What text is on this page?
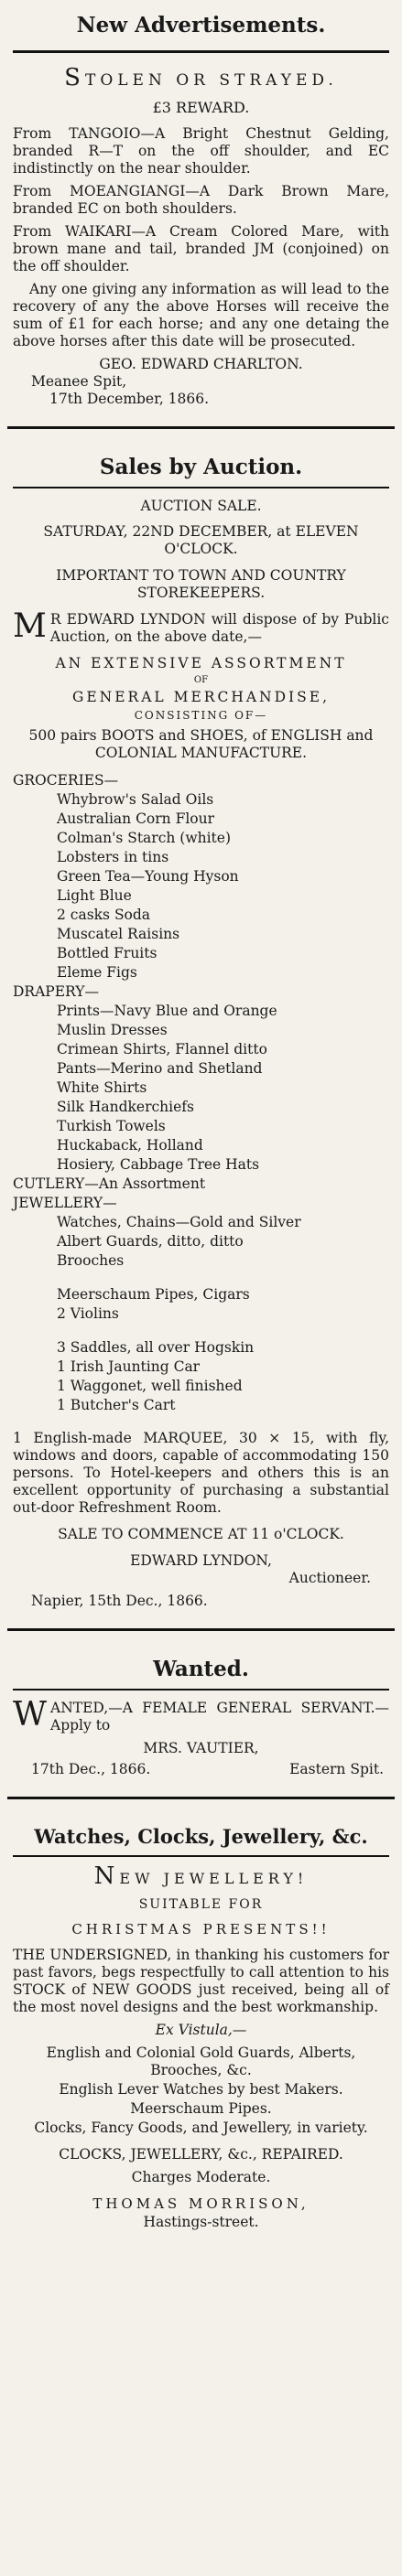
New Advertisements.
STOLEN OR STRAYED.
£3 REWARD.
From TANGOIO—A Bright Chestnut Gelding, branded R—T on the off shoulder, and EC indistinctly on the near shoulder.
From MOEANGIANGI—A Dark Brown Mare, branded EC on both shoulders.
From WAIKARI—A Cream Colored Mare, with brown mane and tail, branded JM (conjoined) on the off shoulder.
Any one giving any information as will lead to the recovery of any the above Horses will receive the sum of £1 for each horse; and any one detaing the above horses after this date will be prosecuted.
GEO. EDWARD CHARLTON.
Meanee Spit,
17th December, 1866.
Sales by Auction.
AUCTION SALE.
SATURDAY, 22ND DECEMBER, at ELEVEN O'CLOCK.
IMPORTANT TO TOWN AND COUNTRY STOREKEEPERS.
M R EDWARD LYNDON will dispose of by Public Auction, on the above date,—
AN EXTENSIVE ASSORTMENT
OF
GENERAL MERCHANDISE,
CONSISTING OF—
500 pairs BOOTS and SHOES, of ENGLISH and COLONIAL MANUFACTURE.
GROCERIES—
Whybrow's Salad Oils
Australian Corn Flour
Colman's Starch (white)
Lobsters in tins
Green Tea—Young Hyson
Light Blue
2 casks Soda
Muscatel Raisins
Bottled Fruits
Eleme Figs
DRAPERY—
Prints—Navy Blue and Orange
Muslin Dresses
Crimean Shirts, Flannel ditto
Pants—Merino and Shetland
White Shirts
Silk Handkerchiefs
Turkish Towels
Huckaback, Holland
Hosiery, Cabbage Tree Hats
CUTLERY—An Assortment
JEWELLERY—
Watches, Chains—Gold and Silver
Albert Guards, ditto, ditto
Brooches
Meerschaum Pipes, Cigars
2 Violins
3 Saddles, all over Hogskin
1 Irish Jaunting Car
1 Waggonet, well finished
1 Butcher's Cart
1 English-made MARQUEE, 30 × 15, with fly, windows and doors, capable of accommodating 150 persons. To Hotel-keepers and others this is an excellent opportunity of purchasing a substantial out-door Refreshment Room.
SALE TO COMMENCE AT 11 o'CLOCK.
EDWARD LYNDON,
Auctioneer.
Napier, 15th Dec., 1866.
Wanted.
WANTED,—A FEMALE GENERAL SERVANT.—Apply to
MRS. VAUTIER,
17th Dec., 1866.	Eastern Spit.
Watches, Clocks, Jewellery, &c.
NEW JEWELLERY!
SUITABLE FOR
CHRISTMAS PRESENTS!!
THE UNDERSIGNED, in thanking his customers for past favors, begs respectfully to call attention to his STOCK of NEW GOODS just received, being all of the most novel designs and the best workmanship.
Ex Vistula,—
English and Colonial Gold Guards, Alberts, Brooches, &c.
English Lever Watches by best Makers.
Meerschaum Pipes.
Clocks, Fancy Goods, and Jewellery, in variety.
CLOCKS, JEWELLERY, &c., REPAIRED.
Charges Moderate.
THOMAS MORRISON,
Hastings-street.
